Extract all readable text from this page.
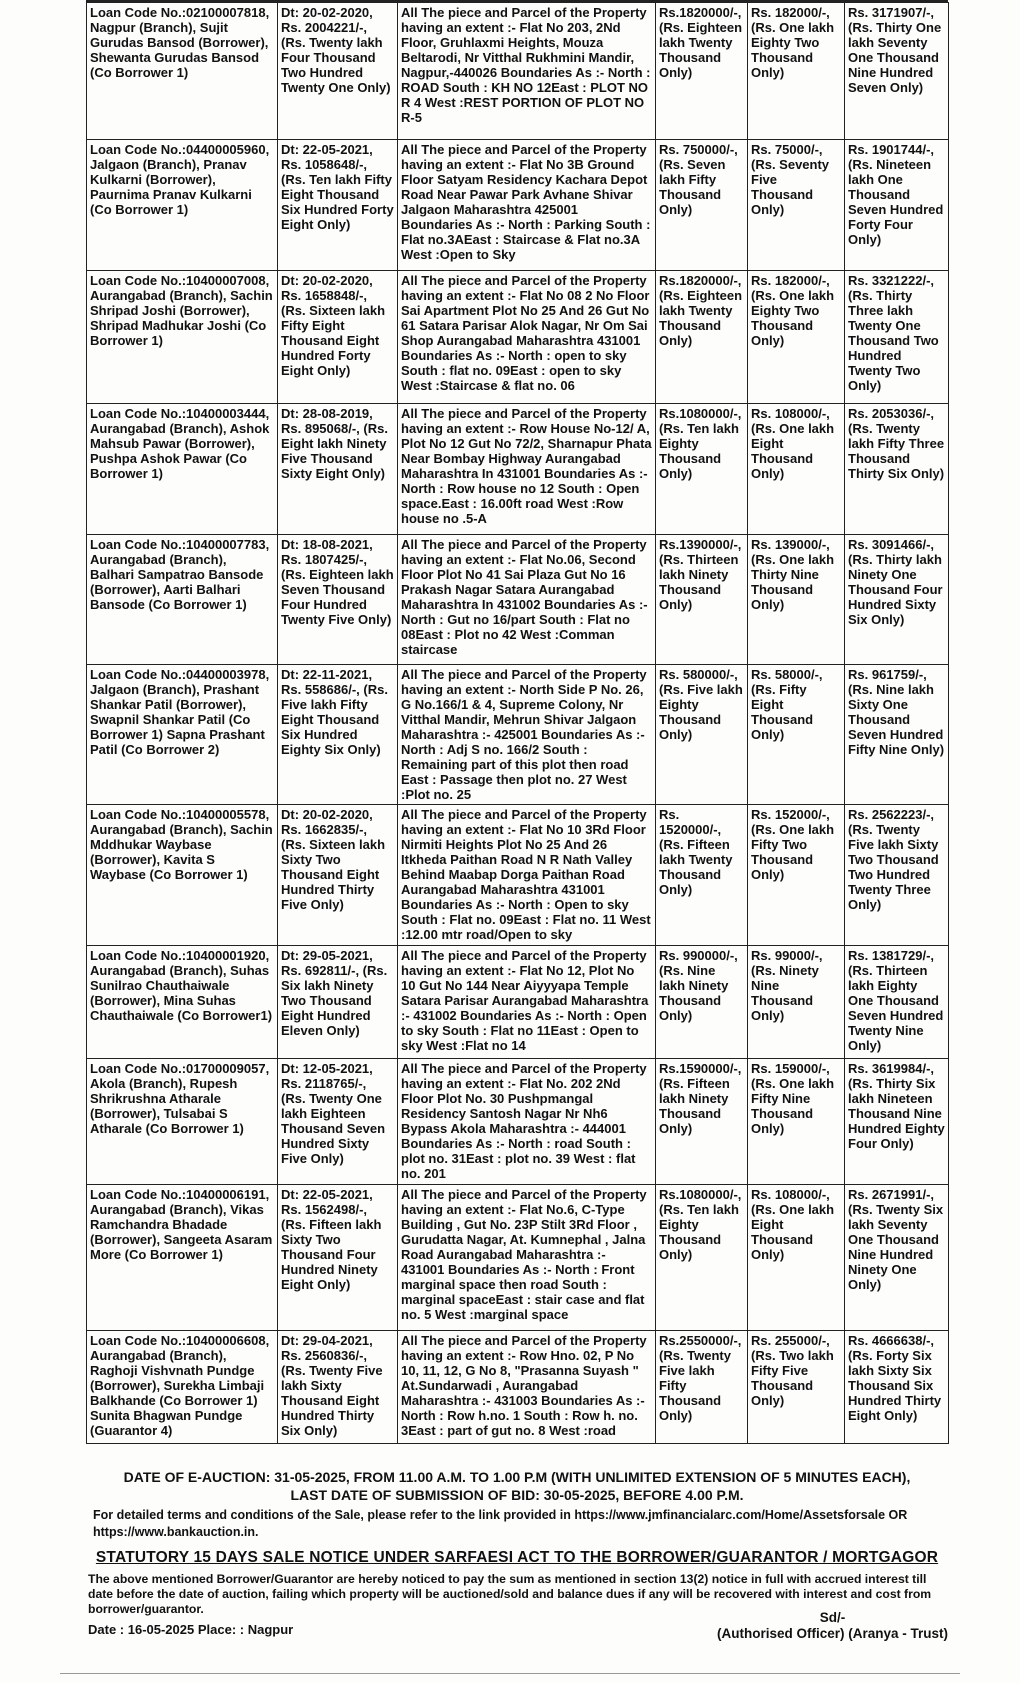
Loan Code No.:02100007818, Nagpur (Branch), Sujit Gurudas Bansod (Borrower), Shewanta Gurudas Bansod (Co Borrower 1)	Dt: 20-02-2020, Rs. 2004221/-, (Rs. Twenty lakh Four Thousand Two Hundred Twenty One Only)	All The piece and Parcel of the Property having an extent :- Flat No 203, 2Nd Floor, Gruhlaxmi Heights, Mouza Beltarodi, Nr Vitthal Rukhmini Mandir, Nagpur,-440026 Boundaries As :- North : ROAD South : KH NO 12East : PLOT NO R 4 West :REST PORTION OF PLOT NO R-5	Rs.1820000/-, (Rs. Eighteen lakh Twenty Thousand Only)	Rs. 182000/-, (Rs. One lakh Eighty Two Thousand Only)	Rs. 3171907/-, (Rs. Thirty One lakh Seventy One Thousand Nine Hundred Seven Only)
Loan Code No.:04400005960, Jalgaon (Branch), Pranav Kulkarni (Borrower), Paurnima Pranav Kulkarni (Co Borrower 1)	Dt: 22-05-2021, Rs. 1058648/-, (Rs. Ten lakh Fifty Eight Thousand Six Hundred Forty Eight Only)	All The piece and Parcel of the Property having an extent :- Flat No 3B Ground Floor Satyam Residency Kachara Depot Road Near Pawar Park Avhane Shivar Jalgaon Maharashtra 425001 Boundaries As :- North : Parking South : Flat no.3AEast : Staircase & Flat no.3A West :Open to Sky	Rs. 750000/-, (Rs. Seven lakh Fifty Thousand Only)	Rs. 75000/-, (Rs. Seventy Five Thousand Only)	Rs. 1901744/-, (Rs. Nineteen lakh One Thousand Seven Hundred Forty Four Only)
Loan Code No.:10400007008, Aurangabad (Branch), Sachin Shripad Joshi (Borrower), Shripad Madhukar Joshi (Co Borrower 1)	Dt: 20-02-2020, Rs. 1658848/-, (Rs. Sixteen lakh Fifty Eight Thousand Eight Hundred Forty Eight Only)	All The piece and Parcel of the Property having an extent :- Flat No 08 2 No Floor Sai Apartment Plot No 25 And 26 Gut No 61 Satara Parisar Alok Nagar, Nr Om Sai Shop Aurangabad Maharashtra 431001 Boundaries As :- North : open to sky South : flat no. 09East : open to sky West :Staircase & flat no. 06	Rs.1820000/-, (Rs. Eighteen lakh Twenty Thousand Only)	Rs. 182000/-, (Rs. One lakh Eighty Two Thousand Only)	Rs. 3321222/-, (Rs. Thirty Three lakh Twenty One Thousand Two Hundred Twenty Two Only)
Loan Code No.:10400003444, Aurangabad (Branch), Ashok Mahsub Pawar (Borrower), Pushpa Ashok Pawar (Co Borrower 1)	Dt: 28-08-2019, Rs. 895068/-, (Rs. Eight lakh Ninety Five Thousand Sixty Eight Only)	All The piece and Parcel of the Property having an extent :- Row House No-12/ A, Plot No 12 Gut No 72/2, Sharnapur Phata Near Bombay Highway Aurangabad Maharashtra In 431001 Boundaries As :- North : Row house no 12 South : Open space.East : 16.00ft road West :Row house no .5-A	Rs.1080000/-, (Rs. Ten lakh Eighty Thousand Only)	Rs. 108000/-, (Rs. One lakh Eight Thousand Only)	Rs. 2053036/-, (Rs. Twenty lakh Fifty Three Thousand Thirty Six Only)
Loan Code No.:10400007783, Aurangabad (Branch), Balhari Sampatrao Bansode (Borrower), Aarti Balhari Bansode (Co Borrower 1)	Dt: 18-08-2021, Rs. 1807425/-, (Rs. Eighteen lakh Seven Thousand Four Hundred Twenty Five Only)	All The piece and Parcel of the Property having an extent :- Flat No.06, Second Floor Plot No 41 Sai Plaza Gut No 16 Prakash Nagar Satara Aurangabad Maharashtra In 431002 Boundaries As :- North : Gut no 16/part South : Flat no 08East : Plot no 42 West :Comman staircase	Rs.1390000/-, (Rs. Thirteen lakh Ninety Thousand Only)	Rs. 139000/-, (Rs. One lakh Thirty Nine Thousand Only)	Rs. 3091466/-, (Rs. Thirty lakh Ninety One Thousand Four Hundred Sixty Six Only)
Loan Code No.:04400003978, Jalgaon (Branch), Prashant Shankar Patil (Borrower), Swapnil Shankar Patil (Co Borrower 1) Sapna Prashant Patil (Co Borrower 2)	Dt: 22-11-2021, Rs. 558686/-, (Rs. Five lakh Fifty Eight Thousand Six Hundred Eighty Six Only)	All The piece and Parcel of the Property having an extent :- North Side P No. 26, G No.166/1 & 4, Supreme Colony, Nr Vitthal Mandir, Mehrun Shivar Jalgaon Maharashtra :- 425001 Boundaries As :- North : Adj S no. 166/2 South : Remaining part of this plot then road East : Passage then plot no. 27 West :Plot no. 25	Rs. 580000/-, (Rs. Five lakh Eighty Thousand Only)	Rs. 58000/-, (Rs. Fifty Eight Thousand Only)	Rs. 961759/-, (Rs. Nine lakh Sixty One Thousand Seven Hundred Fifty Nine Only)
Loan Code No.:10400005578, Aurangabad (Branch), Sachin Mddhukar Waybase (Borrower), Kavita S Waybase (Co Borrower 1)	Dt: 20-02-2020, Rs. 1662835/-, (Rs. Sixteen lakh Sixty Two Thousand Eight Hundred Thirty Five Only)	All The piece and Parcel of the Property having an extent :- Flat No 10 3Rd Floor Nirmiti Heights Plot No 25 And 26 Itkheda Paithan Road N R Nath Valley Behind Maabap Dorga Paithan Road Aurangabad Maharashtra 431001 Boundaries As :- North : Open to sky South : Flat no. 09East : Flat no. 11 West :12.00 mtr road/Open to sky	Rs. 1520000/-, (Rs. Fifteen lakh Twenty Thousand Only)	Rs. 152000/-, (Rs. One lakh Fifty Two Thousand Only)	Rs. 2562223/-, (Rs. Twenty Five lakh Sixty Two Thousand Two Hundred Twenty Three Only)
Loan Code No.:10400001920, Aurangabad (Branch), Suhas Sunilrao Chauthaiwale (Borrower), Mina Suhas Chauthaiwale (Co Borrower1)	Dt: 29-05-2021, Rs. 692811/-, (Rs. Six lakh Ninety Two Thousand Eight Hundred Eleven Only)	All The piece and Parcel of the Property having an extent :- Flat No 12, Plot No 10 Gut No 144 Near Aiyyyapa Temple Satara Parisar Aurangabad Maharashtra :- 431002 Boundaries As :- North : Open to sky South : Flat no 11East : Open to sky West :Flat no 14	Rs. 990000/-, (Rs. Nine lakh Ninety Thousand Only)	Rs. 99000/-, (Rs. Ninety Nine Thousand Only)	Rs. 1381729/-, (Rs. Thirteen lakh Eighty One Thousand Seven Hundred Twenty Nine Only)
Loan Code No.:01700009057, Akola (Branch), Rupesh Shrikrushna Atharale (Borrower), Tulsabai S Atharale (Co Borrower 1)	Dt: 12-05-2021, Rs. 2118765/-, (Rs. Twenty One lakh Eighteen Thousand Seven Hundred Sixty Five Only)	All The piece and Parcel of the Property having an extent :- Flat No. 202 2Nd Floor Plot No. 30 Pushpmangal Residency Santosh Nagar Nr Nh6 Bypass Akola Maharashtra :- 444001 Boundaries As :- North : road South : plot no. 31East : plot no. 39 West : flat no. 201	Rs.1590000/-, (Rs. Fifteen lakh Ninety Thousand Only)	Rs. 159000/-, (Rs. One lakh Fifty Nine Thousand Only)	Rs. 3619984/-, (Rs. Thirty Six lakh Nineteen Thousand Nine Hundred Eighty Four Only)
Loan Code No.:10400006191, Aurangabad (Branch), Vikas Ramchandra Bhadade (Borrower), Sangeeta Asaram More (Co Borrower 1)	Dt: 22-05-2021, Rs. 1562498/-, (Rs. Fifteen lakh Sixty Two Thousand Four Hundred Ninety Eight Only)	All The piece and Parcel of the Property having an extent :- Flat No.6, C-Type Building , Gut No. 23P Stilt 3Rd Floor , Gurudatta Nagar, At. Kumnephal , Jalna Road Aurangabad Maharashtra :- 431001 Boundaries As :- North : Front marginal space then road South : marginal spaceEast : stair case and flat no. 5 West :marginal space	Rs.1080000/-, (Rs. Ten lakh Eighty Thousand Only)	Rs. 108000/-, (Rs. One lakh Eight Thousand Only)	Rs. 2671991/-, (Rs. Twenty Six lakh Seventy One Thousand Nine Hundred Ninety One Only)
Loan Code No.:10400006608, Aurangabad (Branch), Raghoji Vishvnath Pundge (Borrower), Surekha Limbaji Balkhande (Co Borrower 1) Sunita Bhagwan Pundge (Guarantor 4)	Dt: 29-04-2021, Rs. 2560836/-, (Rs. Twenty Five lakh Sixty Thousand Eight Hundred Thirty Six Only)	All The piece and Parcel of the Property having an extent :- Row Hno. 02, P No 10, 11, 12, G No 8, "Prasanna Suyash " At.Sundarwadi , Aurangabad Maharashtra :- 431003 Boundaries As :- North : Row h.no. 1 South : Row h. no. 3East : part of gut no. 8 West :road	Rs.2550000/-, (Rs. Twenty Five lakh Fifty Thousand Only)	Rs. 255000/-, (Rs. Two lakh Fifty Five Thousand Only)	Rs. 4666638/-, (Rs. Forty Six lakh Sixty Six Thousand Six Hundred Thirty Eight Only)
DATE OF E-AUCTION: 31-05-2025, FROM 11.00 A.M. TO 1.00 P.M (WITH UNLIMITED EXTENSION OF 5 MINUTES EACH),
LAST DATE OF SUBMISSION OF BID: 30-05-2025, BEFORE 4.00 P.M.
For detailed terms and conditions of the Sale, please refer to the link provided in https://www.jmfinancialarc.com/Home/Assetsforsale OR https://www.bankauction.in.
STATUTORY 15 DAYS SALE NOTICE UNDER SARFAESI ACT TO THE BORROWER/GUARANTOR / MORTGAGOR
The above mentioned Borrower/Guarantor are hereby noticed to pay the sum as mentioned in section 13(2) notice in full with accrued interest till date before the date of auction, failing which property will be auctioned/sold and balance dues if any will be recovered with interest and cost from borrower/guarantor.
Date : 16-05-2025 Place: : Nagpur
Sd/-
(Authorised Officer) (Aranya - Trust)
